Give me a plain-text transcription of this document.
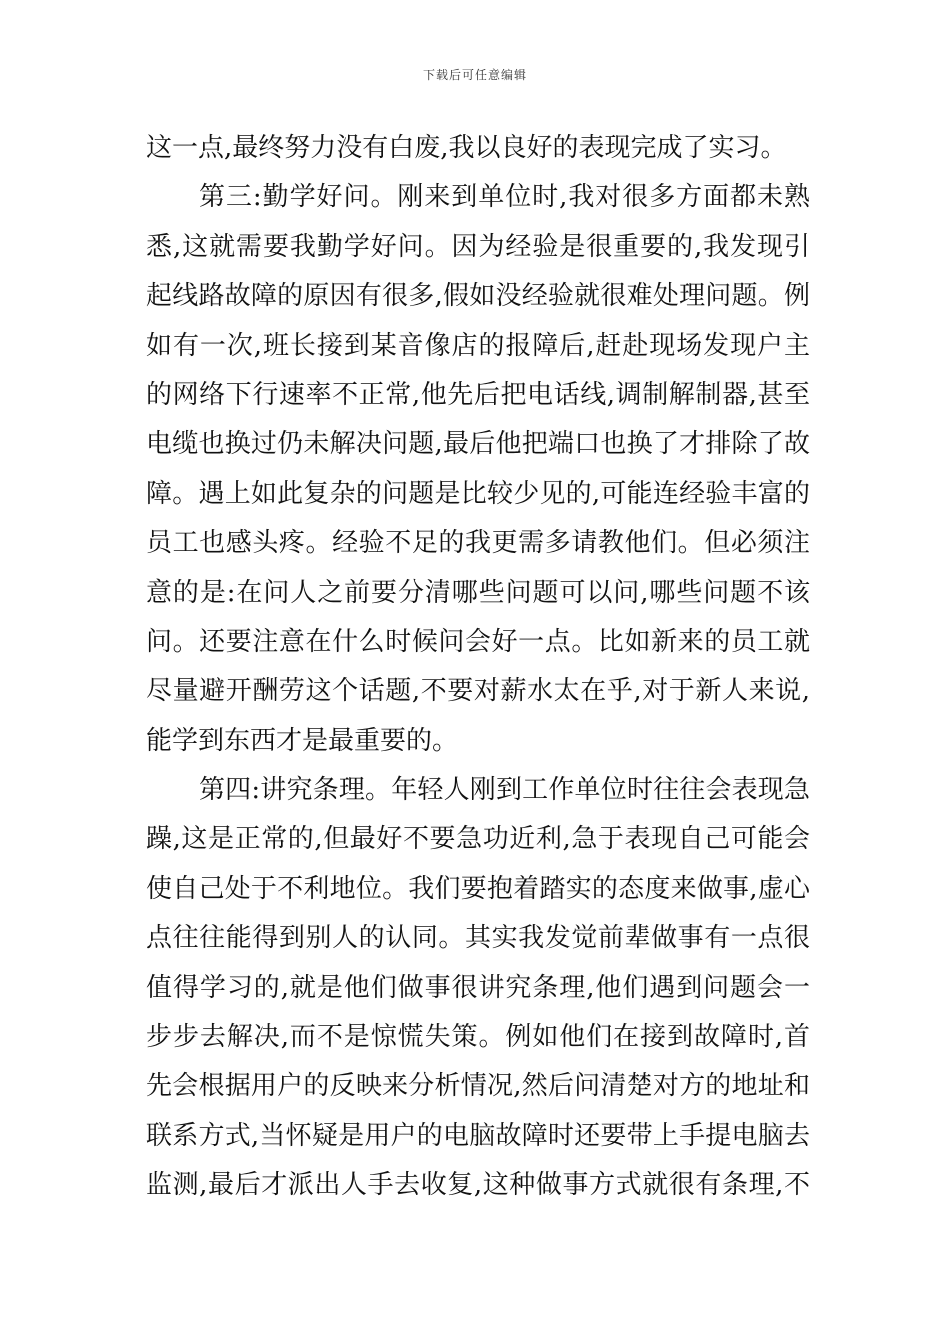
下载后可任意编辑
这一点,最终努力没有白废,我以良好的表现完成了实习。
第三:勤学好问。刚来到单位时,我对很多方面都未熟
悉,这就需要我勤学好问。因为经验是很重要的,我发现引
起线路故障的原因有很多,假如没经验就很难处理问题。例
如有一次,班长接到某音像店的报障后,赶赴现场发现户主
的网络下行速率不正常,他先后把电话线,调制解制器,甚至
电缆也换过仍未解决问题,最后他把端口也换了才排除了故
障。遇上如此复杂的问题是比较少见的,可能连经验丰富的
员工也感头疼。经验不足的我更需多请教他们。但必须注
意的是:在问人之前要分清哪些问题可以问,哪些问题不该
问。还要注意在什么时候问会好一点。比如新来的员工就
尽量避开酬劳这个话题,不要对薪水太在乎,对于新人来说,
能学到东西才是最重要的。
第四:讲究条理。年轻人刚到工作单位时往往会表现急
躁,这是正常的,但最好不要急功近利,急于表现自己可能会
使自己处于不利地位。我们要抱着踏实的态度来做事,虚心
点往往能得到别人的认同。其实我发觉前辈做事有一点很
值得学习的,就是他们做事很讲究条理,他们遇到问题会一
步步去解决,而不是惊慌失策。例如他们在接到故障时,首
先会根据用户的反映来分析情况,然后问清楚对方的地址和
联系方式,当怀疑是用户的电脑故障时还要带上手提电脑去
监测,最后才派出人手去收复,这种做事方式就很有条理,不
